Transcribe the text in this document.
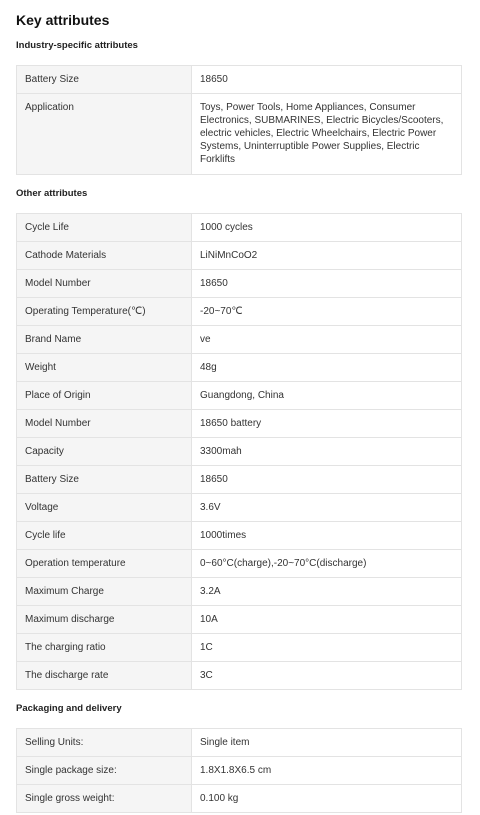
Key attributes
Industry-specific attributes
Battery Size	18650
Application	Toys, Power Tools, Home Appliances, Consumer Electronics, SUBMARINES, Electric Bicycles/Scooters, electric vehicles, Electric Wheelchairs, Electric Power Systems, Uninterruptible Power Supplies, Electric Forklifts
Other attributes
Cycle Life	1000 cycles
Cathode Materials	LiNiMnCoO2
Model Number	18650
Operating Temperature(℃)	-20~70℃
Brand Name	ve
Weight	48g
Place of Origin	Guangdong, China
Model Number	18650 battery
Capacity	3300mah
Battery Size	18650
Voltage	3.6V
Cycle life	1000times
Operation temperature	0~60°C(charge),-20~70°C(discharge)
Maximum Charge	3.2A
Maximum discharge	10A
The charging ratio	1C
The discharge rate	3C
Packaging and delivery
Selling Units:	Single item
Single package size:	1.8X1.8X6.5 cm
Single gross weight:	0.100 kg
